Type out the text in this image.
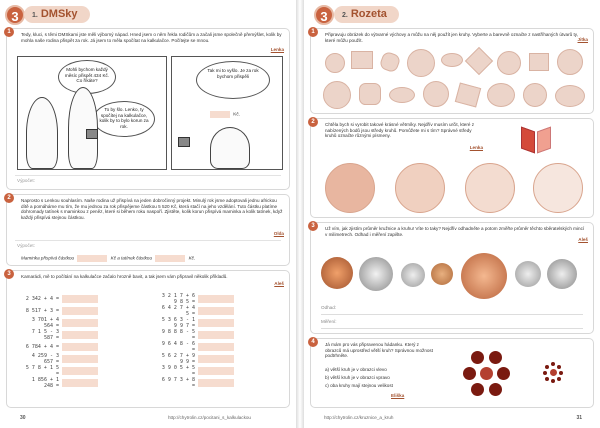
3	1. DMSky
1	Tedy, kluci, s těmi DMSkami jste měli výborný nápad. Hned jsem o něm řekla rodičům a začali jsme společně přemýšlet, kolik by mohla naše rodina přispět za rok. Já jsem to měla spočítat na kalkulačce. Počítejte se mnou.
Lenka
Mohli bychom každý měsíc přispět 434 Kč. Co říkáte?
To by šlo. Lenko, ty spočítej na kalkulačce, kolik by to bylo korun za rok.
Tak mi to vyšlo. Je za rok bychom přispěli
Kč.
Výpočet:
2	Naprosto s Lenkou souhlasím. Naše rodina už přispívá na jeden dobročinný projekt. Minulý rok jsme adoptovali jednu africkou dítě a pomáháme mu tím, že mu jednou za rok přispějeme částkou 5 520 Kč, která stačí na jeho vzdělání. Tuto částku platíme dohromady tatínek s maminkou z peněz, které si během roku naspoří. Zjistěte, kolik korun přispívá maminka a kolik tatínek, když každý přispívá stejnou částkou.
Olda
Výpočet:
Maminka přispívá částkou	Kč a tatínek částkou	Kč.
3	Kamarádi, mě to počítání na kalkulačce začalo hrozně bavit, a tak jsem vám připravil několik příkladů.
Aleš
2 342 + 4 =
8 517 + 3 =
3 701 + 4 564 =
7 1 5 - 3 587 =
6 784 + 4 =
4 259 - 3 657 =
5 7 8 + 1 5 =
1 856 + 1 248 =
3 2 1 7 + 6 9 8 5 =
6 4 2 7 + 4 5 =
5 3 6 3 - 1 9 9 7 =
9 8 8 8 - 5 =
9 6 4 8 - 6 =
5 6 2 7 + 9 9 9 =
3 9 0 5 + 5 =
6 9 7 3 + 8 =
30	http://chytrolin.cz/pocitani_s_kalkulackou
3	2. Rozeta
1	Připravuju obrázek do výtvarné výchovy a můžu na něj použít jen kruhy. Vyberte a barevně označte z nastříhaných útvarů ty, které můžu použít.	Jitka
2	Chtěla bych si vyrobit takové krásné větrníky. Nejdřív musím určit, které z nabízených bodů jsou středy kruhů. Pomůžete mi s tím? Správné středy kruhů označte různými písmeny.
Lenka
3	Už vím, jak zjistím průměr kružnice a kruhu! Víte to taky? Nejdřív odhadněte a potom změřte průměr těchto sběratelských mincí v milimetrech. Odhad i měření zapište.
Aleš
Odhad:
Měření:
4	Já mám pro vás připravenou hádanku. Který z obrazců má uprostřed větší kruh? Správnou možnost podtrhněte.
a) větší kruh je v obrazci vlevo
b) větší kruh je v obrazci vpravo
c) oba kruhy mají stejnou velikost
Eliška
http://chytrolin.cz/kruznice_a_kruh	31
